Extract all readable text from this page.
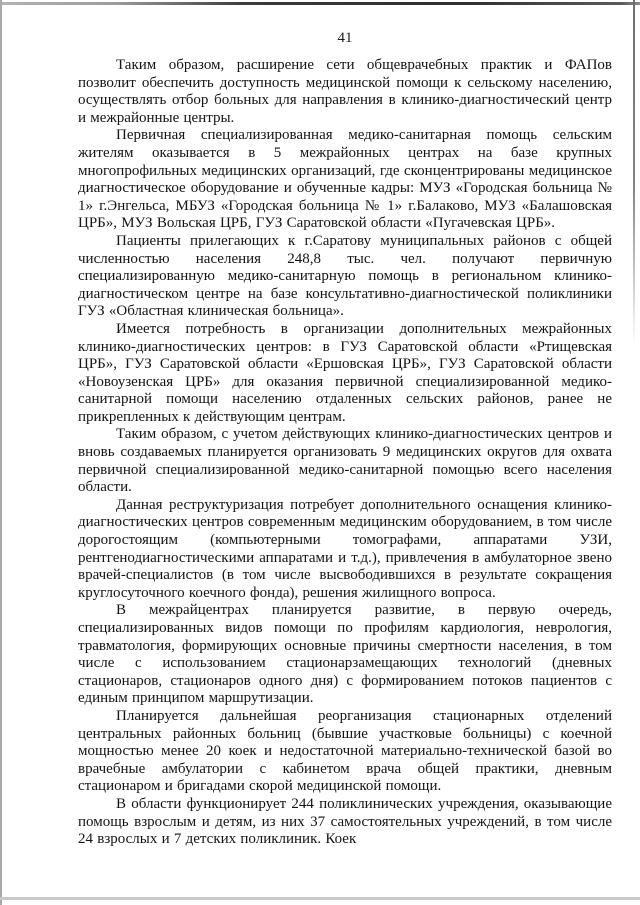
41

Таким образом, расширение сети общеврачебных практик и ФАПов позволит обеспечить доступность медицинской помощи к сельскому населению, осуществлять отбор больных для направления в клинико-диагностический центр и межрайонные центры.

Первичная специализированная медико-санитарная помощь сельским жителям оказывается в 5 межрайонных центрах на базе крупных многопрофильных медицинских организаций, где сконцентрированы медицинское диагностическое оборудование и обученные кадры: МУЗ «Городская больница № 1» г.Энгельса, МБУЗ «Городская больница № 1» г.Балаково, МУЗ «Балашовская ЦРБ», МУЗ Вольская ЦРБ, ГУЗ Саратовской области «Пугачевская ЦРБ».

Пациенты прилегающих к г.Саратову муниципальных районов с общей численностью населения 248,8 тыс. чел. получают первичную специализированную медико-санитарную помощь в региональном клинико-диагностическом центре на базе консультативно-диагностической поликлиники ГУЗ «Областная клиническая больница».

Имеется потребность в организации дополнительных межрайонных клинико-диагностических центров: в ГУЗ Саратовской области «Ртищевская ЦРБ», ГУЗ Саратовской области «Ершовская ЦРБ», ГУЗ Саратовской области «Новоузенская ЦРБ» для оказания первичной специализированной медико-санитарной помощи населению отдаленных сельских районов, ранее не прикрепленных к действующим центрам.

Таким образом, с учетом действующих клинико-диагностических центров и вновь создаваемых планируется организовать 9 медицинских округов для охвата первичной специализированной медико-санитарной помощью всего населения области.

Данная реструктуризация потребует дополнительного оснащения клинико-диагностических центров современным медицинским оборудованием, в том числе дорогостоящим (компьютерными томографами, аппаратами УЗИ, рентгенодиагностическими аппаратами и т.д.), привлечения в амбулаторное звено врачей-специалистов (в том числе высвободившихся в результате сокращения круглосуточного коечного фонда), решения жилищного вопроса.

В межрайцентрах планируется развитие, в первую очередь, специализированных видов помощи по профилям кардиология, неврология, травматология, формирующих основные причины смертности населения, в том числе с использованием стационарзамещающих технологий (дневных стационаров, стационаров одного дня) с формированием потоков пациентов с единым принципом маршрутизации.

Планируется дальнейшая реорганизация стационарных отделений центральных районных больниц (бывшие участковые больницы) с коечной мощностью менее 20 коек и недостаточной материально-технической базой во врачебные амбулатории с кабинетом врача общей практики, дневным стационаром и бригадами скорой медицинской помощи.

В области функционирует 244 поликлинических учреждения, оказывающие помощь взрослым и детям, из них 37 самостоятельных учреждений, в том числе 24 взрослых и 7 детских поликлиник. Коек
